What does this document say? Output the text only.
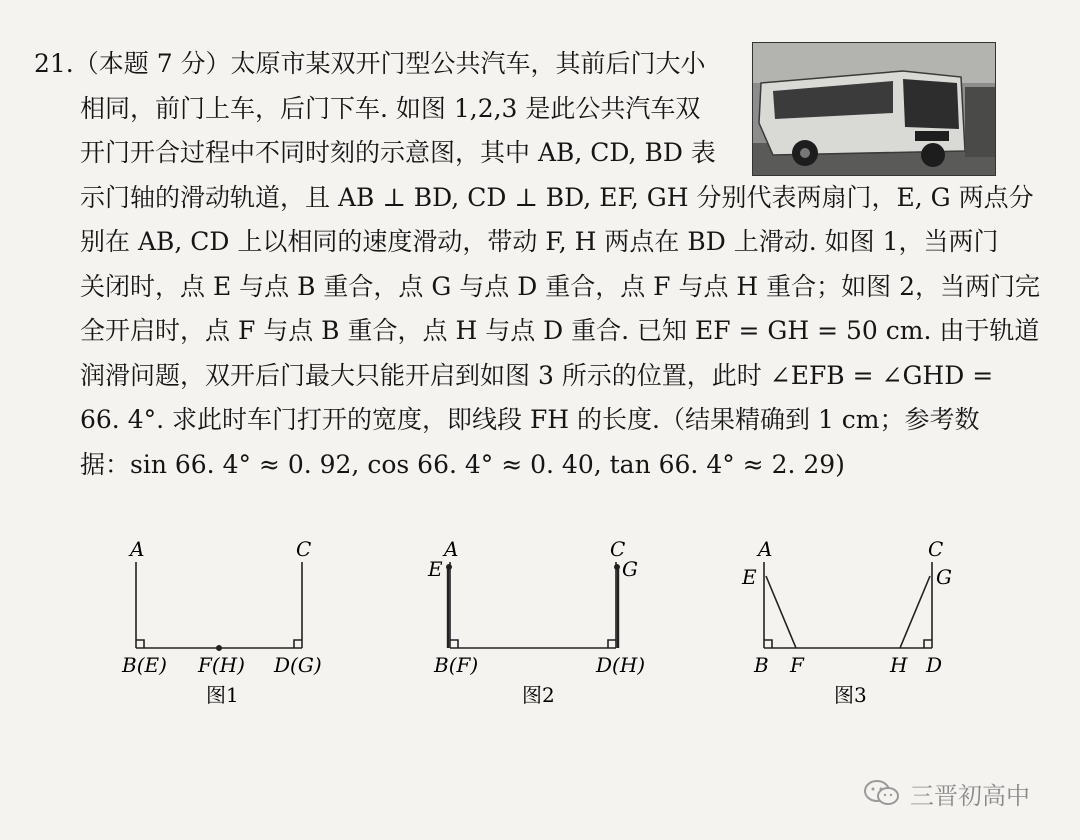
21.（本题 7 分）太原市某双开门型公共汽车，其前后门大小
相同，前门上车，后门下车. 如图 1,2,3 是此公共汽车双
开门开合过程中不同时刻的示意图，其中 AB, CD, BD 表
示门轴的滑动轨道，且 AB ⊥ BD, CD ⊥ BD, EF, GH 分别代表两扇门，E, G 两点分
别在 AB, CD 上以相同的速度滑动，带动 F, H 两点在 BD 上滑动. 如图 1，当两门
关闭时，点 E 与点 B 重合，点 G 与点 D 重合，点 F 与点 H 重合；如图 2，当两门完
全开启时，点 F 与点 B 重合，点 H 与点 D 重合. 已知 EF = GH = 50 cm. 由于轨道
润滑问题，双开后门最大只能开启到如图 3 所示的位置，此时 ∠EFB = ∠GHD =
66. 4°. 求此时车门打开的宽度，即线段 FH 的长度.（结果精确到 1 cm；参考数
据：sin 66. 4° ≈ 0. 92, cos 66. 4° ≈ 0. 40, tan 66. 4° ≈ 2. 29)
A	C
B(E) F(H) D(G)
图1
A	C
E	G
B(F)	D(H)
图2
A	C
E	G
B F	H D
图3
三晋初高中
